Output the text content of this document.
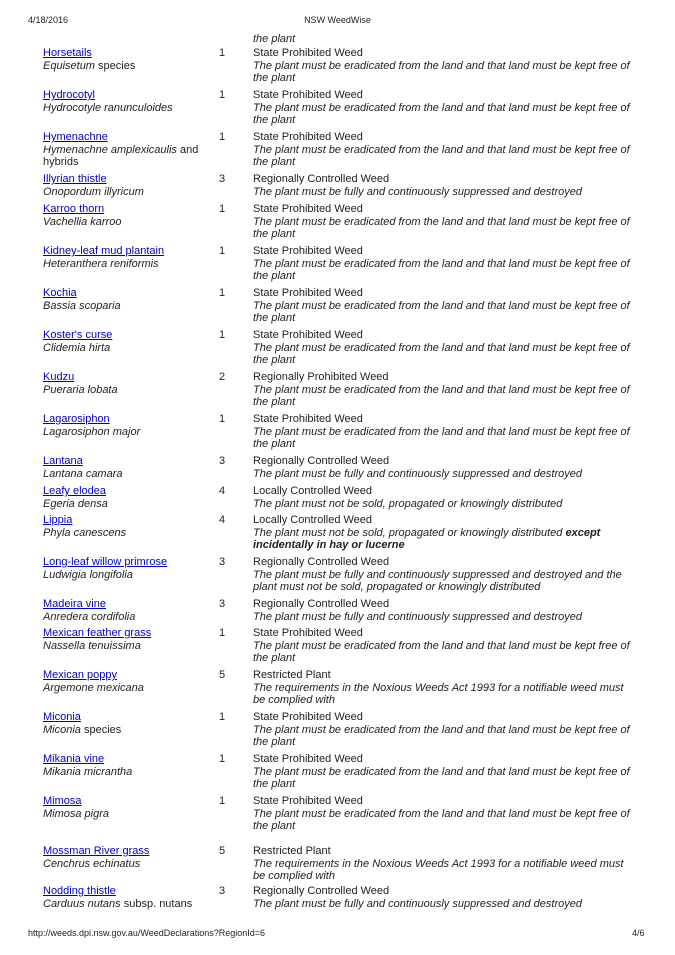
4/18/2016	NSW WeedWise
the plant
Horsetails
Equisetum species
1	State Prohibited Weed
The plant must be eradicated from the land and that land must be kept free of the plant
Hydrocotyl
Hydrocotyle ranunculoides
1	State Prohibited Weed
The plant must be eradicated from the land and that land must be kept free of the plant
Hymenachne
Hymenachne amplexicaulis and hybrids
1	State Prohibited Weed
The plant must be eradicated from the land and that land must be kept free of the plant
Illyrian thistle
Onopordum illyricum
3	Regionally Controlled Weed
The plant must be fully and continuously suppressed and destroyed
Karroo thorn
Vachellia karroo
1	State Prohibited Weed
The plant must be eradicated from the land and that land must be kept free of the plant
Kidney-leaf mud plantain
Heteranthera reniformis
1	State Prohibited Weed
The plant must be eradicated from the land and that land must be kept free of the plant
Kochia
Bassia scoparia
1	State Prohibited Weed
The plant must be eradicated from the land and that land must be kept free of the plant
Koster's curse
Clidemia hirta
1	State Prohibited Weed
The plant must be eradicated from the land and that land must be kept free of the plant
Kudzu
Pueraria lobata
2	Regionally Prohibited Weed
The plant must be eradicated from the land and that land must be kept free of the plant
Lagarosiphon
Lagarosiphon major
1	State Prohibited Weed
The plant must be eradicated from the land and that land must be kept free of the plant
Lantana
Lantana camara
3	Regionally Controlled Weed
The plant must be fully and continuously suppressed and destroyed
Leafy elodea
Egeria densa
4	Locally Controlled Weed
The plant must not be sold, propagated or knowingly distributed
Lippia
Phyla canescens
4	Locally Controlled Weed
The plant must not be sold, propagated or knowingly distributed except incidentally in hay or lucerne
Long-leaf willow primrose
Ludwigia longifolia
3	Regionally Controlled Weed
The plant must be fully and continuously suppressed and destroyed and the plant must not be sold, propagated or knowingly distributed
Madeira vine
Anredera cordifolia
3	Regionally Controlled Weed
The plant must be fully and continuously suppressed and destroyed
Mexican feather grass
Nassella tenuissima
1	State Prohibited Weed
The plant must be eradicated from the land and that land must be kept free of the plant
Mexican poppy
Argemone mexicana
5	Restricted Plant
The requirements in the Noxious Weeds Act 1993 for a notifiable weed must be complied with
Miconia
Miconia species
1	State Prohibited Weed
The plant must be eradicated from the land and that land must be kept free of the plant
Mikania vine
Mikania micrantha
1	State Prohibited Weed
The plant must be eradicated from the land and that land must be kept free of the plant
Mimosa
Mimosa pigra
1	State Prohibited Weed
The plant must be eradicated from the land and that land must be kept free of the plant
Mossman River grass
Cenchrus echinatus
5	Restricted Plant
The requirements in the Noxious Weeds Act 1993 for a notifiable weed must be complied with
Nodding thistle
Carduus nutans subsp. nutans
3	Regionally Controlled Weed
The plant must be fully and continuously suppressed and destroyed
http://weeds.dpi.nsw.gov.au/WeedDeclarations?RegionId=6	4/6
